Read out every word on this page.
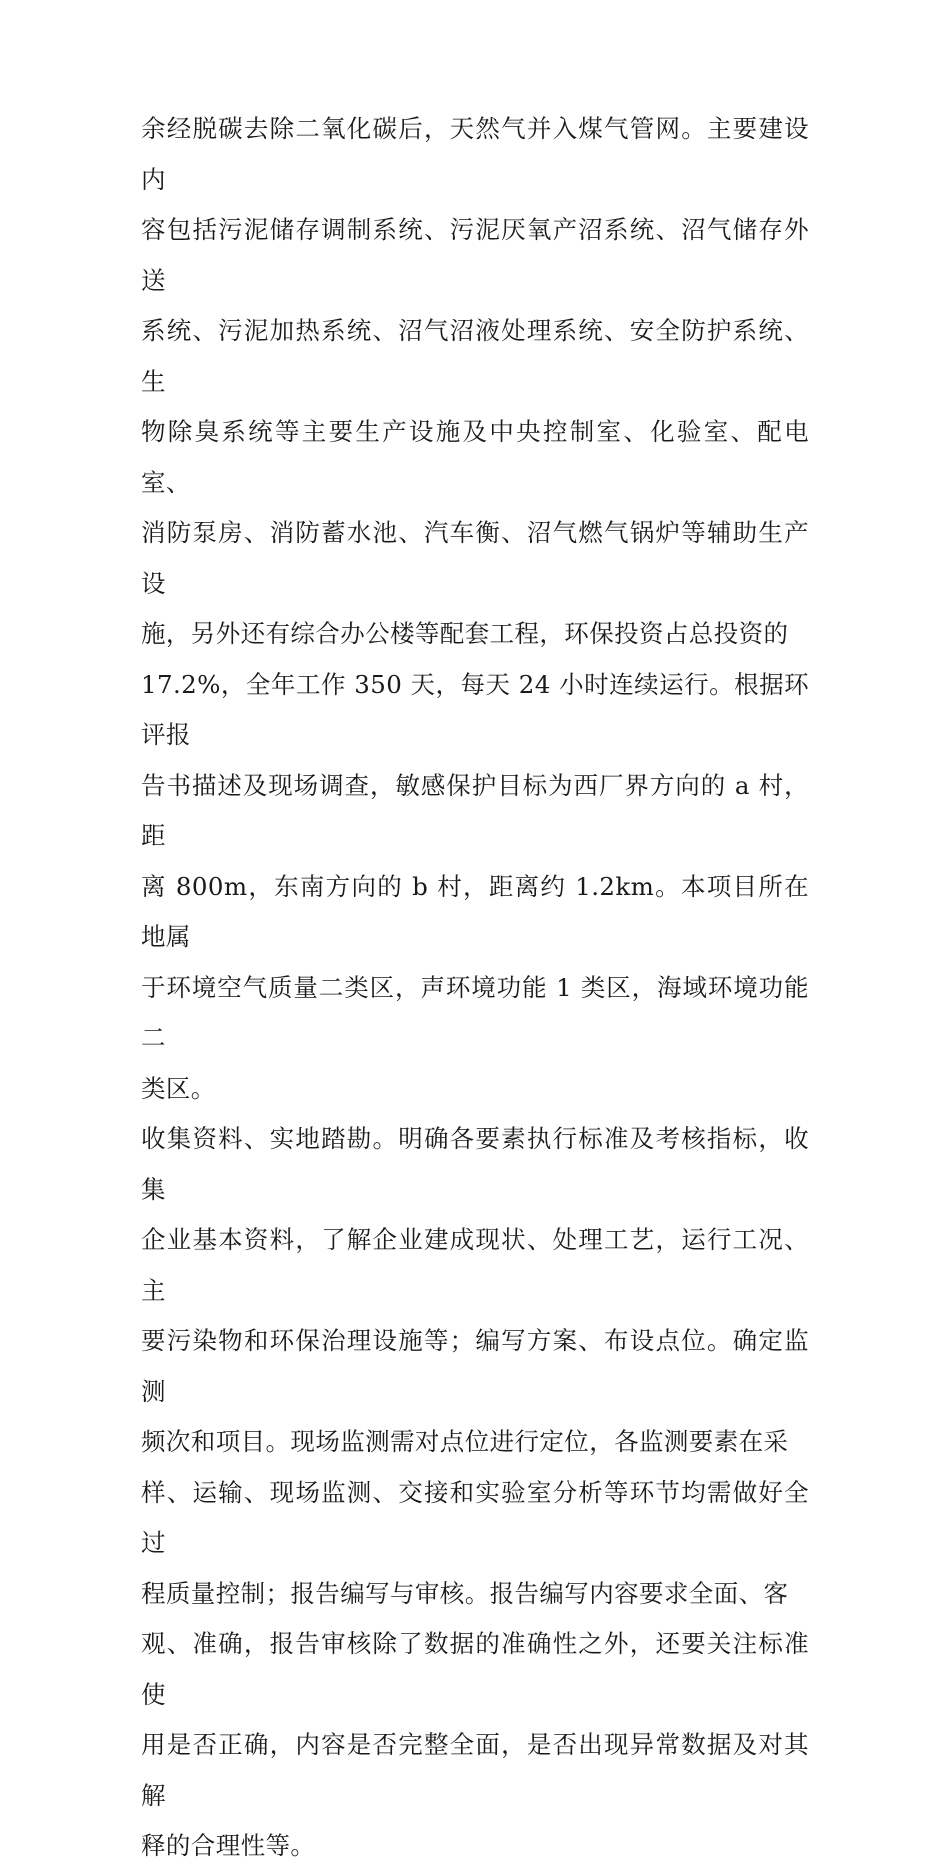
余经脱碳去除二氧化碳后，天然气并入煤气管网。主要建设内
容包括污泥储存调制系统、污泥厌氧产沼系统、沼气储存外送
系统、污泥加热系统、沼气沼液处理系统、安全防护系统、生
物除臭系统等主要生产设施及中央控制室、化验室、配电室、
消防泵房、消防蓄水池、汽车衡、沼气燃气锅炉等辅助生产设
施，另外还有综合办公楼等配套工程，环保投资占总投资的
17.2%，全年工作 350 天，每天 24 小时连续运行。根据环评报
告书描述及现场调查，敏感保护目标为西厂界方向的 a 村，距
离 800m，东南方向的 b 村，距离约 1.2km。本项目所在地属
于环境空气质量二类区，声环境功能 1 类区，海域环境功能二
类区。
收集资料、实地踏勘。明确各要素执行标准及考核指标，收集
企业基本资料，了解企业建成现状、处理工艺，运行工况、主
要污染物和环保治理设施等；编写方案、布设点位。确定监测
频次和项目。现场监测需对点位进行定位，各监测要素在采
样、运输、现场监测、交接和实验室分析等环节均需做好全过
程质量控制；报告编写与审核。报告编写内容要求全面、客
观、准确，报告审核除了数据的准确性之外，还要关注标准使
用是否正确，内容是否完整全面，是否出现异常数据及对其解
释的合理性等。
